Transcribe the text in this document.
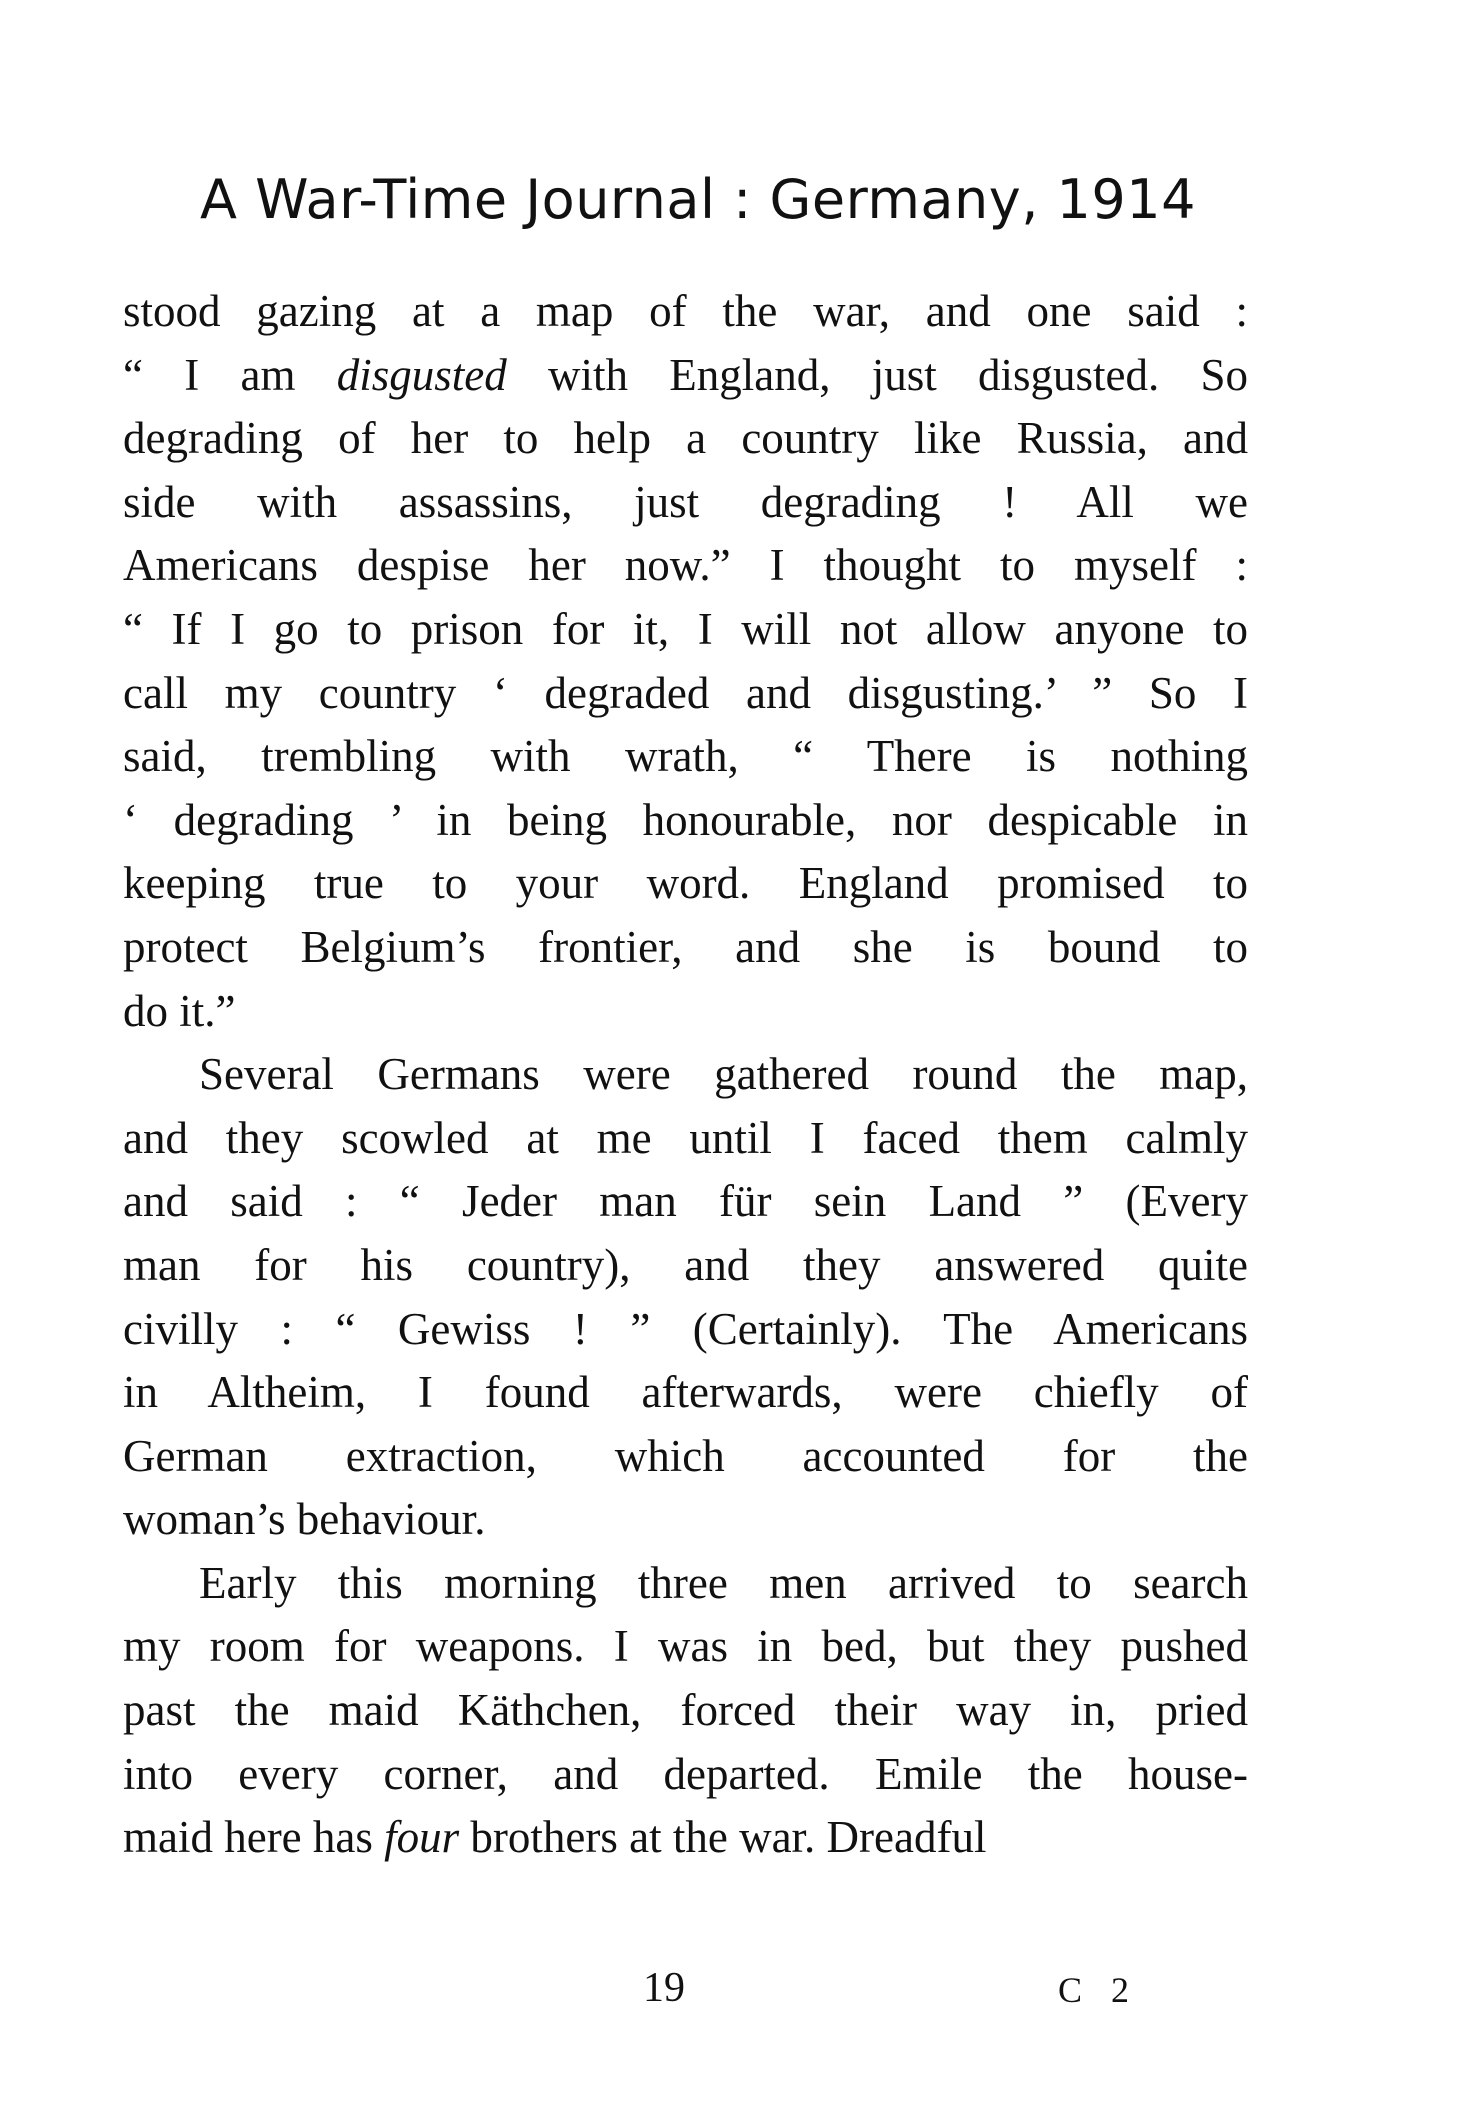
A War-Time Journal : Germany, 1914
stood gazing at a map of the war, and one said :
“ I am disgusted with England, just disgusted. So
degrading of her to help a country like Russia, and
side with assassins, just degrading ! All we
Americans despise her now.” I thought to myself :
“ If I go to prison for it, I will not allow anyone to
call my country ‘ degraded and disgusting.’ ” So I
said, trembling with wrath, “ There is nothing
‘ degrading ’ in being honourable, nor despicable in
keeping true to your word. England promised to
protect Belgium’s frontier, and she is bound to
do it.”
Several Germans were gathered round the map,
and they scowled at me until I faced them calmly
and said : “ Jeder man für sein Land ” (Every
man for his country), and they answered quite
civilly : “ Gewiss ! ” (Certainly). The Americans
in Altheim, I found afterwards, were chiefly of
German extraction, which accounted for the
woman’s behaviour.
Early this morning three men arrived to search
my room for weapons. I was in bed, but they pushed
past the maid Käthchen, forced their way in, pried
into every corner, and departed. Emile the house-
maid here has four brothers at the war. Dreadful
19	C 2
